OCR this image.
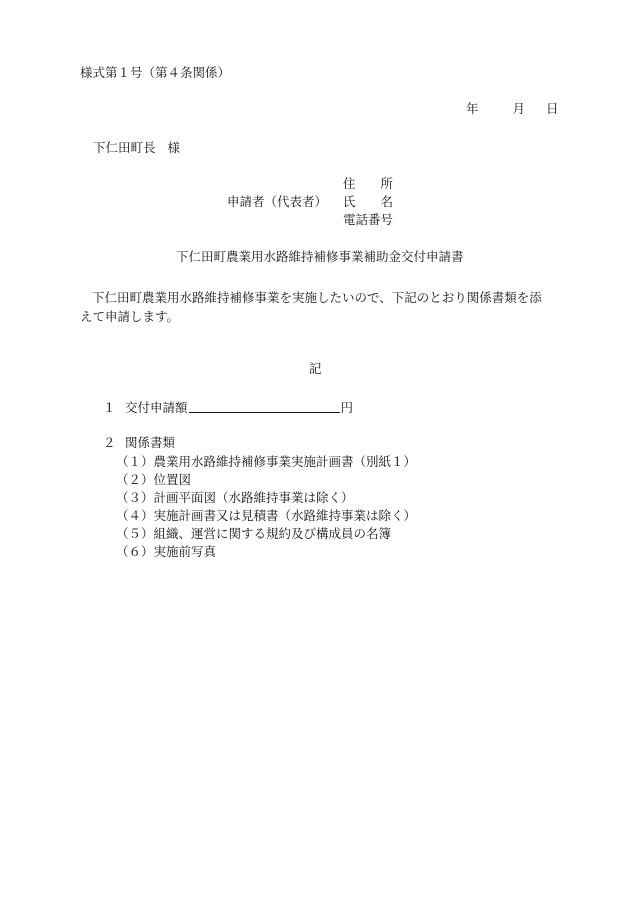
様式第１号（第４条関係）
年	月 日
下仁田町長 様
申請者（代表者）
住 所
氏 名
電話番号
下仁田町農業用水路維持補修事業補助金交付申請書
下仁田町農業用水路維持補修事業を実施したいので、下記のとおり関係書類を添えて申請します。
記
１ 交付申請額	円
２ 関係書類
（１）農業用水路維持補修事業実施計画書（別紙１）
（２）位置図
（３）計画平面図（水路維持事業は除く）
（４）実施計画書又は見積書（水路維持事業は除く）
（５）組織、運営に関する規約及び構成員の名簿
（６）実施前写真
